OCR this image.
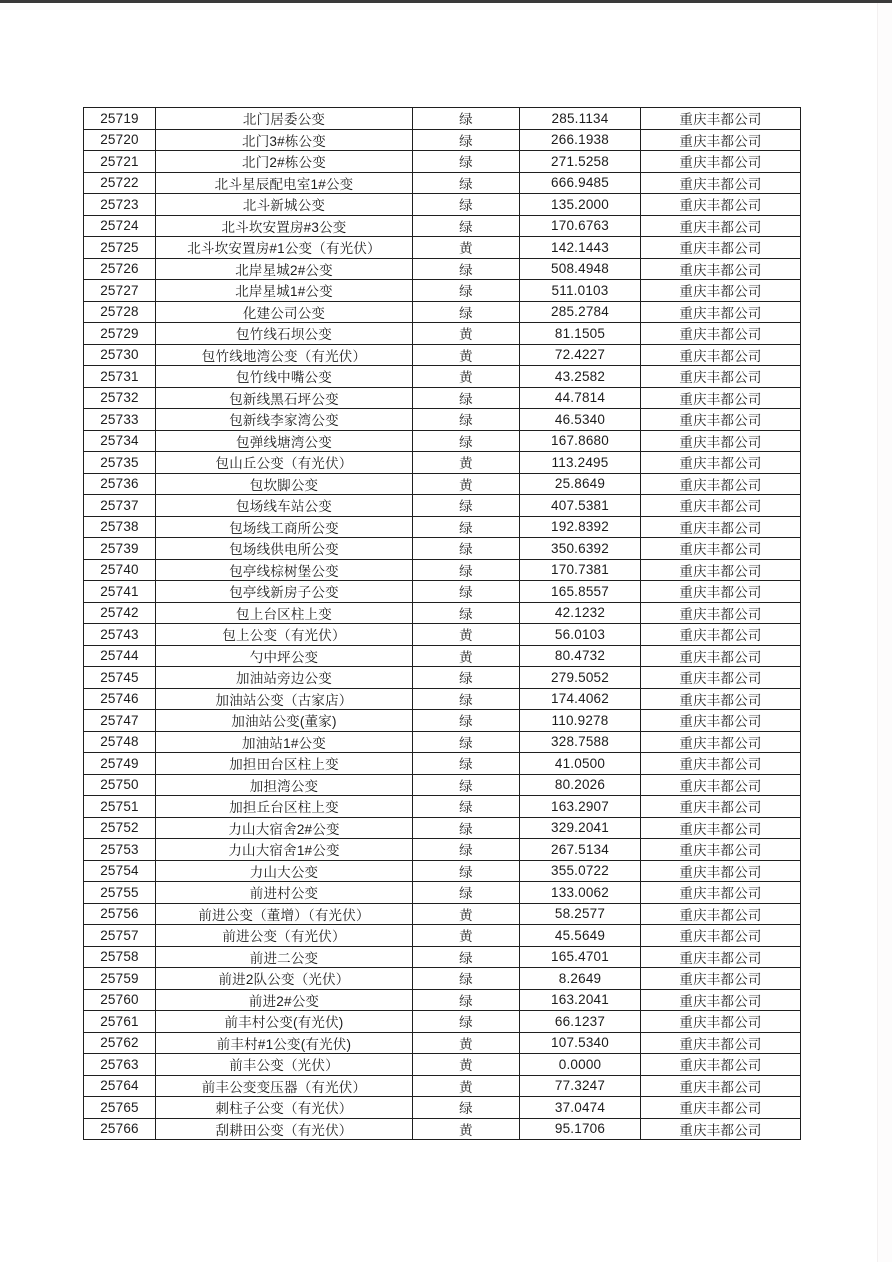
25719	北门居委公变	绿	285.1134	重庆丰都公司
25720	北门3#栋公变	绿	266.1938	重庆丰都公司
25721	北门2#栋公变	绿	271.5258	重庆丰都公司
25722	北斗星辰配电室1#公变	绿	666.9485	重庆丰都公司
25723	北斗新城公变	绿	135.2000	重庆丰都公司
25724	北斗坎安置房#3公变	绿	170.6763	重庆丰都公司
25725	北斗坎安置房#1公变（有光伏）	黄	142.1443	重庆丰都公司
25726	北岸星城2#公变	绿	508.4948	重庆丰都公司
25727	北岸星城1#公变	绿	511.0103	重庆丰都公司
25728	化建公司公变	绿	285.2784	重庆丰都公司
25729	包竹线石坝公变	黄	81.1505	重庆丰都公司
25730	包竹线地湾公变（有光伏）	黄	72.4227	重庆丰都公司
25731	包竹线中嘴公变	黄	43.2582	重庆丰都公司
25732	包新线黑石坪公变	绿	44.7814	重庆丰都公司
25733	包新线李家湾公变	绿	46.5340	重庆丰都公司
25734	包弹线塘湾公变	绿	167.8680	重庆丰都公司
25735	包山丘公变（有光伏）	黄	113.2495	重庆丰都公司
25736	包坎脚公变	黄	25.8649	重庆丰都公司
25737	包场线车站公变	绿	407.5381	重庆丰都公司
25738	包场线工商所公变	绿	192.8392	重庆丰都公司
25739	包场线供电所公变	绿	350.6392	重庆丰都公司
25740	包亭线棕树堡公变	绿	170.7381	重庆丰都公司
25741	包亭线新房子公变	绿	165.8557	重庆丰都公司
25742	包上台区柱上变	绿	42.1232	重庆丰都公司
25743	包上公变（有光伏）	黄	56.0103	重庆丰都公司
25744	勺中坪公变	黄	80.4732	重庆丰都公司
25745	加油站旁边公变	绿	279.5052	重庆丰都公司
25746	加油站公变（古家店）	绿	174.4062	重庆丰都公司
25747	加油站公变(董家)	绿	110.9278	重庆丰都公司
25748	加油站1#公变	绿	328.7588	重庆丰都公司
25749	加担田台区柱上变	绿	41.0500	重庆丰都公司
25750	加担湾公变	绿	80.2026	重庆丰都公司
25751	加担丘台区柱上变	绿	163.2907	重庆丰都公司
25752	力山大宿舍2#公变	绿	329.2041	重庆丰都公司
25753	力山大宿舍1#公变	绿	267.5134	重庆丰都公司
25754	力山大公变	绿	355.0722	重庆丰都公司
25755	前进村公变	绿	133.0062	重庆丰都公司
25756	前进公变（董增）（有光伏）	黄	58.2577	重庆丰都公司
25757	前进公变（有光伏）	黄	45.5649	重庆丰都公司
25758	前进二公变	绿	165.4701	重庆丰都公司
25759	前进2队公变（光伏）	绿	8.2649	重庆丰都公司
25760	前进2#公变	绿	163.2041	重庆丰都公司
25761	前丰村公变(有光伏)	绿	66.1237	重庆丰都公司
25762	前丰村#1公变(有光伏)	黄	107.5340	重庆丰都公司
25763	前丰公变（光伏）	黄	0.0000	重庆丰都公司
25764	前丰公变变压器（有光伏）	黄	77.3247	重庆丰都公司
25765	刺柱子公变（有光伏）	绿	37.0474	重庆丰都公司
25766	刮耕田公变（有光伏）	黄	95.1706	重庆丰都公司
